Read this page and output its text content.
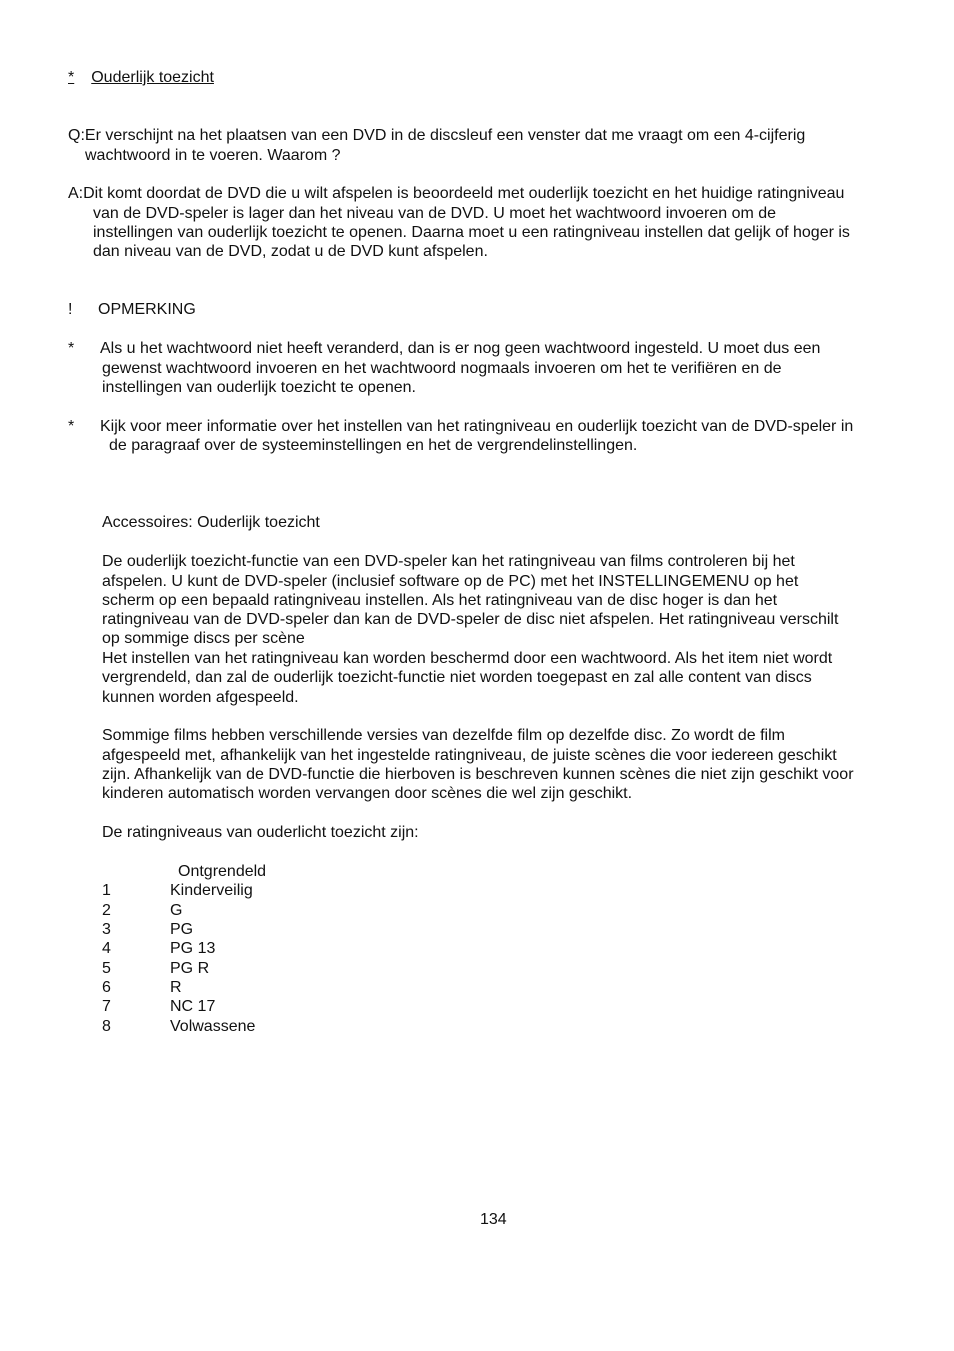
* Ouderlijk toezicht
Q:Er verschijnt na het plaatsen van een DVD in de discsleuf een venster dat me vraagt om een 4-cijferig
wachtwoord in te voeren. Waarom ?
A:Dit komt doordat de DVD die u wilt afspelen is beoordeeld met ouderlijk toezicht en het huidige ratingniveau
van de DVD-speler is lager dan het niveau van de DVD. U moet het wachtwoord invoeren om de
instellingen van ouderlijk toezicht te openen. Daarna moet u een ratingniveau instellen dat gelijk of hoger is
dan niveau van de DVD, zodat u de DVD kunt afspelen.
! OPMERKING
* Als u het wachtwoord niet heeft veranderd, dan is er nog geen wachtwoord ingesteld. U moet dus een
gewenst wachtwoord invoeren en het wachtwoord nogmaals invoeren om het te verifiëren en de
instellingen van ouderlijk toezicht te openen.
* Kijk voor meer informatie over het instellen van het ratingniveau en ouderlijk toezicht van de DVD-speler in
de paragraaf over de systeeminstellingen en het de vergrendelinstellingen.
Accessoires: Ouderlijk toezicht
De ouderlijk toezicht-functie van een DVD-speler kan het ratingniveau van films controleren bij het
afspelen. U kunt de DVD-speler (inclusief software op de PC) met het INSTELLINGEMENU op het
scherm op een bepaald ratingniveau instellen. Als het ratingniveau van de disc hoger is dan het
ratingniveau van de DVD-speler dan kan de DVD-speler de disc niet afspelen. Het ratingniveau verschilt
op sommige discs per scène
Het instellen van het ratingniveau kan worden beschermd door een wachtwoord. Als het item niet wordt
vergrendeld, dan zal de ouderlijk toezicht-functie niet worden toegepast en zal alle content van discs
kunnen worden afgespeeld.
Sommige films hebben verschillende versies van dezelfde film op dezelfde disc. Zo wordt de film
afgespeeld met, afhankelijk van het ingestelde ratingniveau, de juiste scènes die voor iedereen geschikt
zijn. Afhankelijk van de DVD-functie die hierboven is beschreven kunnen scènes die niet zijn geschikt voor
kinderen automatisch worden vervangen door scènes die wel zijn geschikt.
De ratingniveaus van ouderlicht toezicht zijn:
Ontgrendeld
1	Kinderveilig
2	G
3	PG
4	PG 13
5	PG R
6	R
7	NC 17
8	Volwassene
134
